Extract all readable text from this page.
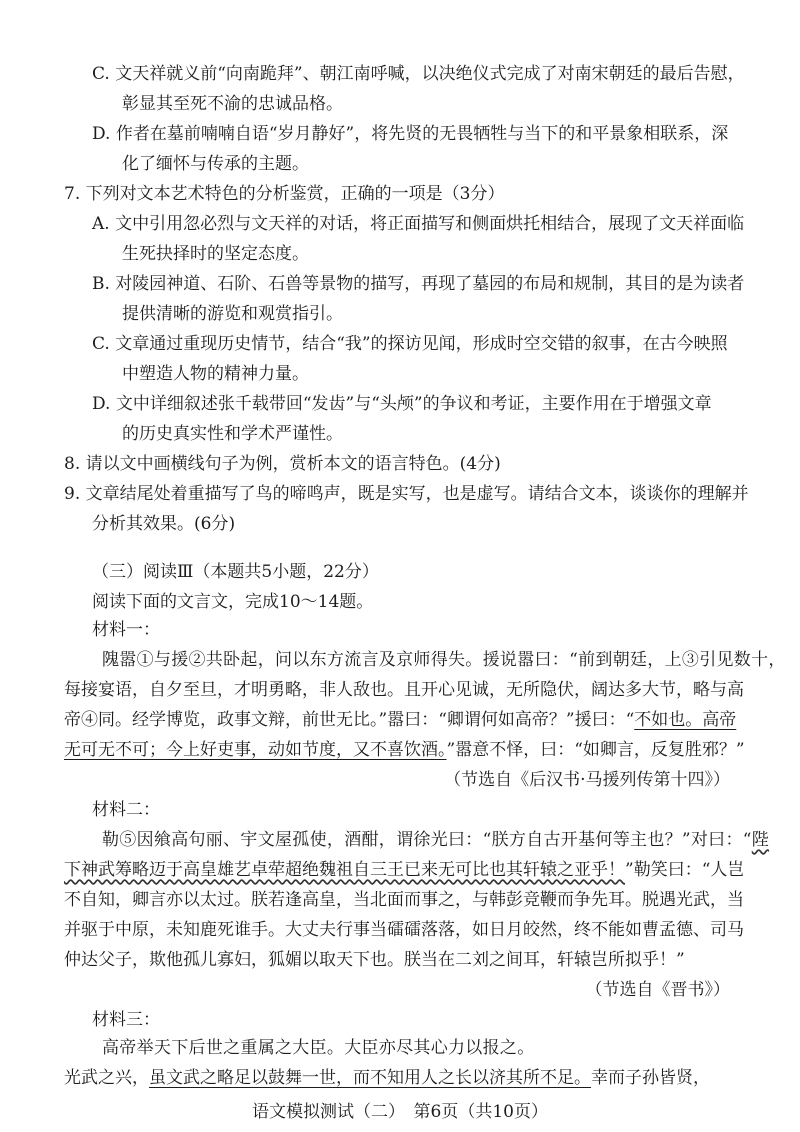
C. 文天祥就义前“向南跪拜”、朝江南呼喊，以决绝仪式完成了对南宋朝廷的最后告慰，
彰显其至死不渝的忠诚品格。
D. 作者在墓前喃喃自语“岁月静好”，将先贤的无畏牺牲与当下的和平景象相联系，深
化了缅怀与传承的主题。
7. 下列对文本艺术特色的分析鉴赏，正确的一项是（3分）
A. 文中引用忽必烈与文天祥的对话，将正面描写和侧面烘托相结合，展现了文天祥面临
生死抉择时的坚定态度。
B. 对陵园神道、石阶、石兽等景物的描写，再现了墓园的布局和规制，其目的是为读者
提供清晰的游览和观赏指引。
C. 文章通过重现历史情节，结合“我”的探访见闻，形成时空交错的叙事，在古今映照
中塑造人物的精神力量。
D. 文中详细叙述张千载带回“发齿”与“头颅”的争议和考证，主要作用在于增强文章
的历史真实性和学术严谨性。
8. 请以文中画横线句子为例，赏析本文的语言特色。(4分)
9. 文章结尾处着重描写了鸟的啼鸣声，既是实写，也是虚写。请结合文本，谈谈你的理解并
分析其效果。(6分)
（三）阅读Ⅲ（本题共5小题，22分）
阅读下面的文言文，完成10～14题。
材料一：
隗嚣①与援②共卧起，问以东方流言及京师得失。援说嚣曰：“前到朝廷，上③引见数十，
每接宴语，自夕至旦，才明勇略，非人敌也。且开心见诚，无所隐伏，阔达多大节，略与高
帝④同。经学博览，政事文辩，前世无比。”嚣曰：“卿谓何如高帝？”援曰：“不如也。高帝
无可无不可；今上好吏事，动如节度，又不喜饮酒。”嚣意不怿，曰：“如卿言，反复胜邪？”
（节选自《后汉书·马援列传第十四》）
材料二：
勒⑤因飨高句丽、宇文屋孤使，酒酣，谓徐光曰：“朕方自古开基何等主也？”对曰：“陛
下神武筹略迈于高皇雄艺卓荦超绝魏祖自三王已来无可比也其轩辕之亚乎！”勒笑曰：“人岂
不自知，卿言亦以太过。朕若逢高皇，当北面而事之，与韩彭竞鞭而争先耳。脱遇光武，当
并驱于中原，未知鹿死谁手。大丈夫行事当礌礌落落，如日月皎然，终不能如曹孟德、司马
仲达父子，欺他孤儿寡妇，狐媚以取天下也。朕当在二刘之间耳，轩辕岂所拟乎！”
（节选自《晋书》）
材料三：
高帝举天下后世之重属之大臣。大臣亦尽其心力以报之。
光武之兴，虽文武之略足以鼓舞一世，而不知用人之长以济其所不足。幸而子孙皆贤，
语文模拟测试（二）　第6页（共10页）
